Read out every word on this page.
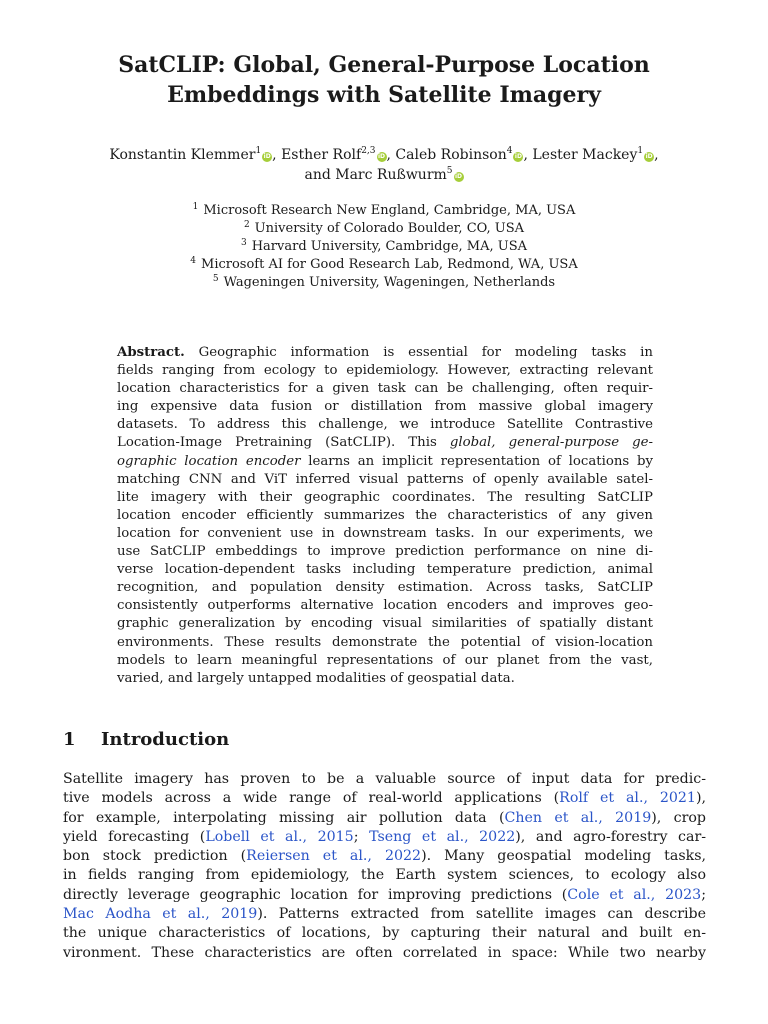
SatCLIP: Global, General-Purpose Location
Embeddings with Satellite Imagery
Konstantin Klemmer$^1$iD, Esther Rolf$^{2,3}$iD, Caleb Robinson$^4$iD, Lester Mackey$^1$iD,
and Marc Rußwurm$^5$iD
$^1$ Microsoft Research New England, Cambridge, MA, USA
$^2$ University of Colorado Boulder, CO, USA
$^3$ Harvard University, Cambridge, MA, USA
$^4$ Microsoft AI for Good Research Lab, Redmond, WA, USA
$^5$ Wageningen University, Wageningen, Netherlands
Abstract. Geographic information is essential for modeling tasks in
fields ranging from ecology to epidemiology. However, extracting relevant
location characteristics for a given task can be challenging, often requir-
ing expensive data fusion or distillation from massive global imagery
datasets. To address this challenge, we introduce Satellite Contrastive
Location-Image Pretraining (SatCLIP). This global, general-purpose ge-
ographic location encoder learns an implicit representation of locations by
matching CNN and ViT inferred visual patterns of openly available satel-
lite imagery with their geographic coordinates. The resulting SatCLIP
location encoder efficiently summarizes the characteristics of any given
location for convenient use in downstream tasks. In our experiments, we
use SatCLIP embeddings to improve prediction performance on nine di-
verse location-dependent tasks including temperature prediction, animal
recognition, and population density estimation. Across tasks, SatCLIP
consistently outperforms alternative location encoders and improves geo-
graphic generalization by encoding visual similarities of spatially distant
environments. These results demonstrate the potential of vision-location
models to learn meaningful representations of our planet from the vast,
varied, and largely untapped modalities of geospatial data.
1 Introduction
Satellite imagery has proven to be a valuable source of input data for predic-
tive models across a wide range of real-world applications (Rolf et al., 2021),
for example, interpolating missing air pollution data (Chen et al., 2019), crop
yield forecasting (Lobell et al., 2015; Tseng et al., 2022), and agro-forestry car-
bon stock prediction (Reiersen et al., 2022). Many geospatial modeling tasks,
in fields ranging from epidemiology, the Earth system sciences, to ecology also
directly leverage geographic location for improving predictions (Cole et al., 2023;
Mac Aodha et al., 2019). Patterns extracted from satellite images can describe
the unique characteristics of locations, by capturing their natural and built en-
vironment. These characteristics are often correlated in space: While two nearby
